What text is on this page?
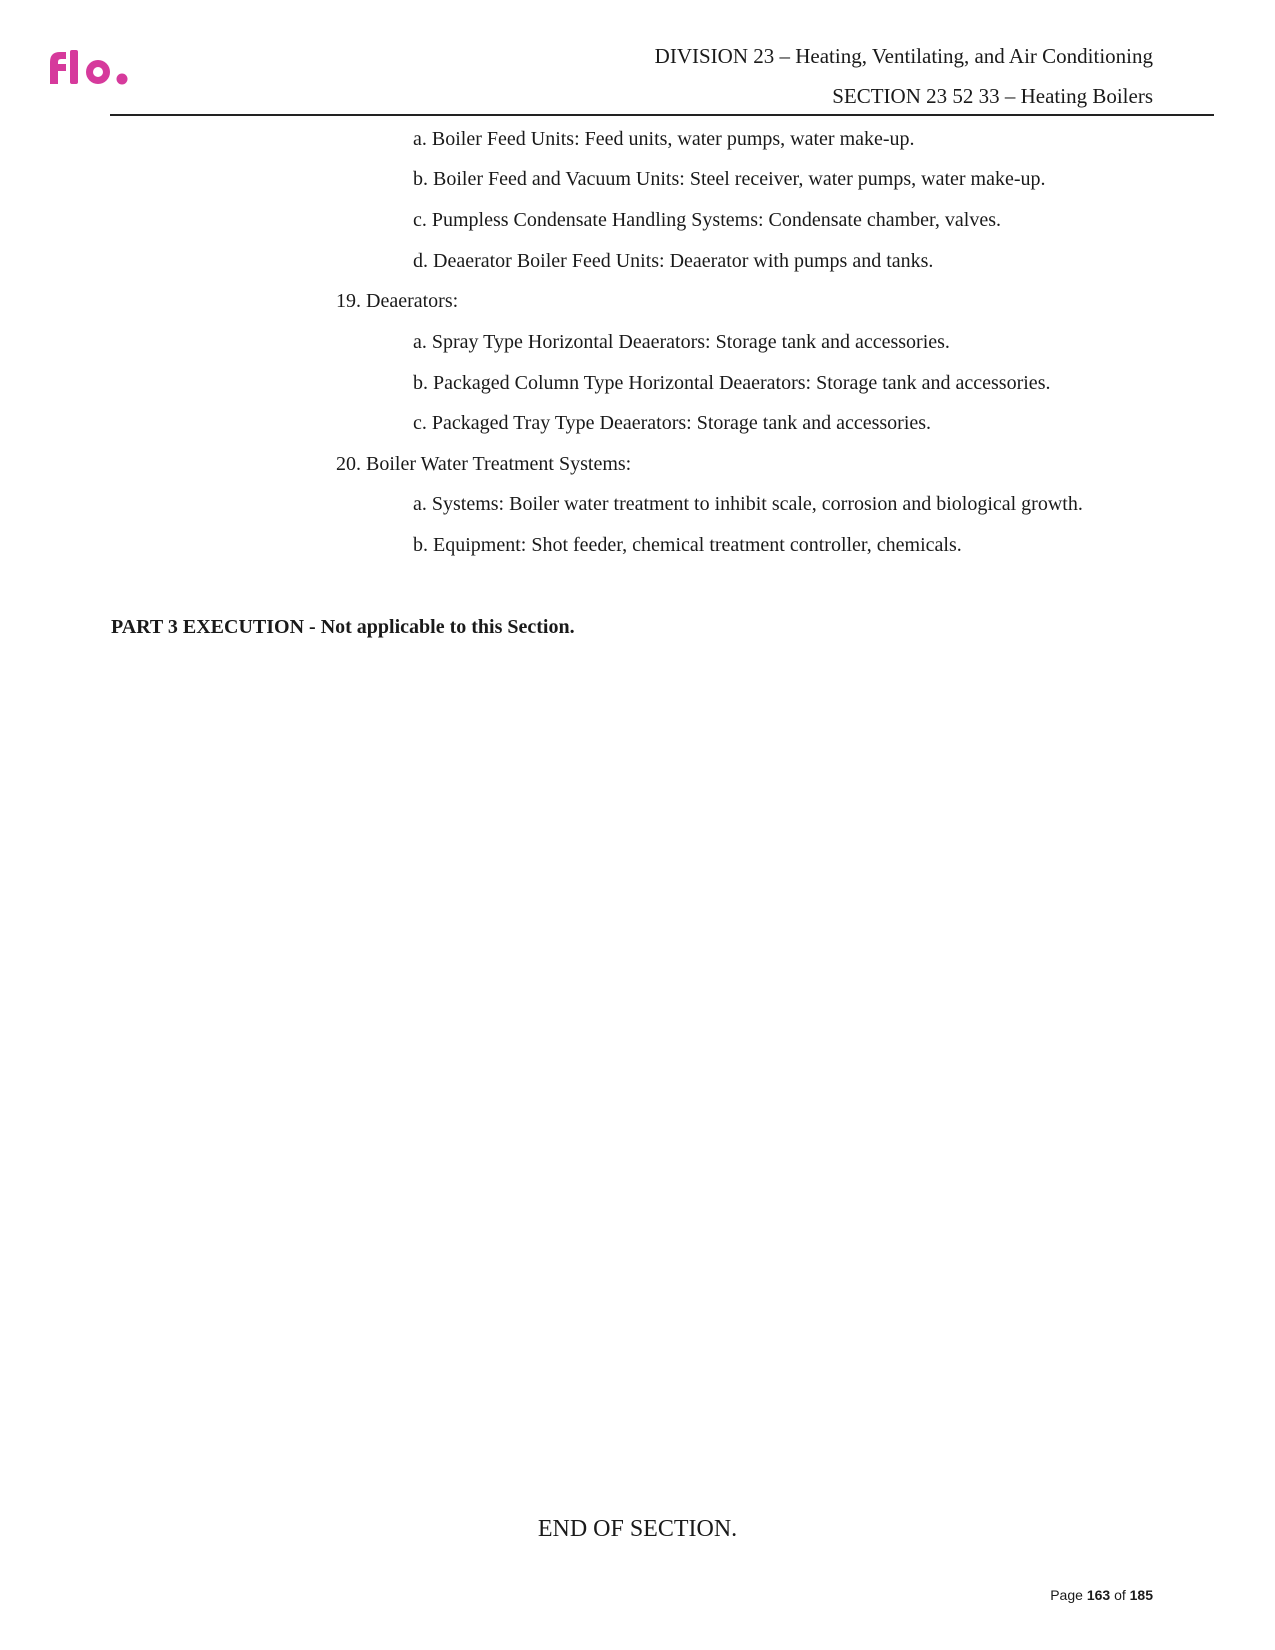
DIVISION 23 – Heating, Ventilating, and Air Conditioning
SECTION 23 52 33 – Heating Boilers
a. Boiler Feed Units: Feed units, water pumps, water make-up.
b. Boiler Feed and Vacuum Units: Steel receiver, water pumps, water make-up.
c. Pumpless Condensate Handling Systems: Condensate chamber, valves.
d. Deaerator Boiler Feed Units: Deaerator with pumps and tanks.
19. Deaerators:
a. Spray Type Horizontal Deaerators: Storage tank and accessories.
b. Packaged Column Type Horizontal Deaerators: Storage tank and accessories.
c. Packaged Tray Type Deaerators: Storage tank and accessories.
20. Boiler Water Treatment Systems:
a. Systems: Boiler water treatment to inhibit scale, corrosion and biological growth.
b. Equipment: Shot feeder, chemical treatment controller, chemicals.
PART 3 EXECUTION - Not applicable to this Section.
END OF SECTION.
Page 163 of 185
